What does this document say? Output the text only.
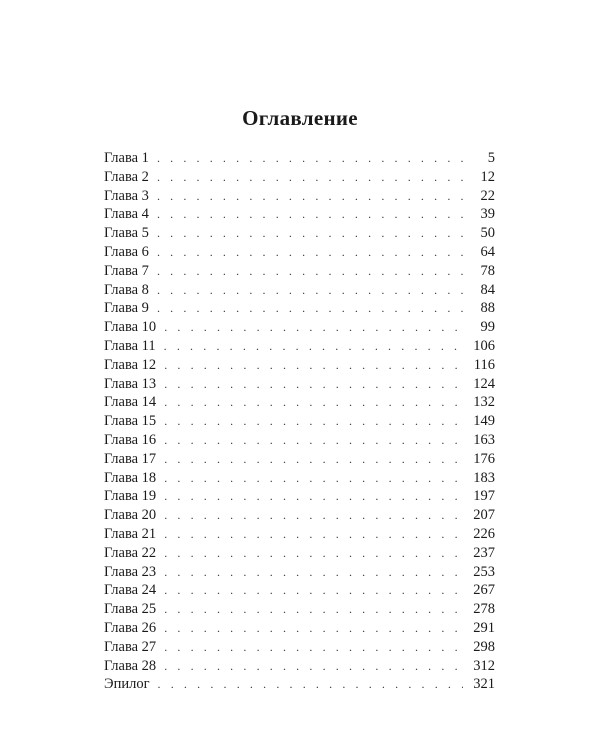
Оглавление
Глава 1 . . .	5
Глава 2 . . .	12
Глава 3 . . .	22
Глава 4 . . .	39
Глава 5 . . .	50
Глава 6 . . .	64
Глава 7 . . .	78
Глава 8 . . .	84
Глава 9 . . .	88
Глава 10 . . .	99
Глава 11 . . .	106
Глава 12 . . .	116
Глава 13 . . .	124
Глава 14 . . .	132
Глава 15 . . .	149
Глава 16 . . .	163
Глава 17 . . .	176
Глава 18 . . .	183
Глава 19 . . .	197
Глава 20 . . .	207
Глава 21 . . .	226
Глава 22 . . .	237
Глава 23 . . .	253
Глава 24 . . .	267
Глава 25 . . .	278
Глава 26 . . .	291
Глава 27 . . .	298
Глава 28 . . .	312
Эпилог . . .	321
